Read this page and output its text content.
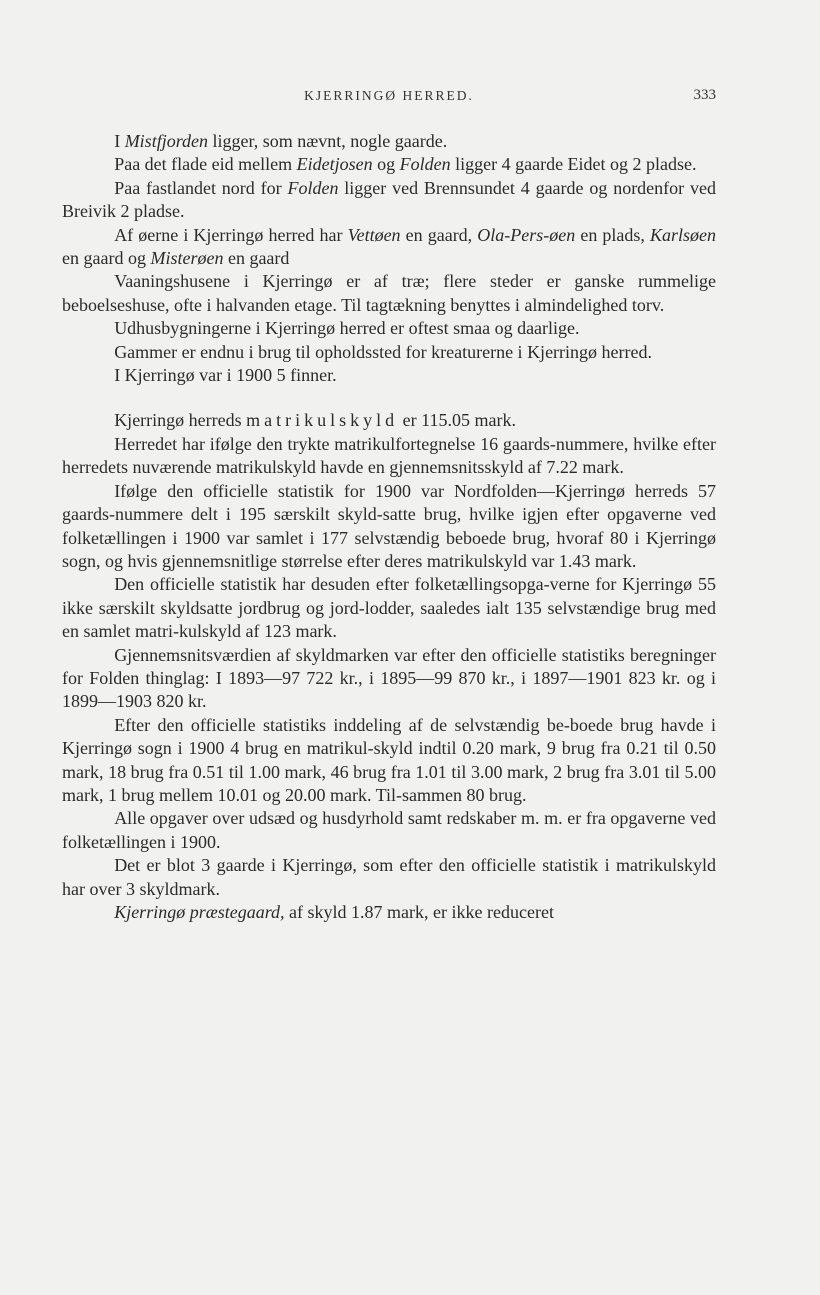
KJERRINGØ HERRED.	333

I Mistfjorden ligger, som nævnt, nogle gaarde.

Paa det flade eid mellem Eidetjosen og Folden ligger 4 gaarde Eidet og 2 pladse.

Paa fastlandet nord for Folden ligger ved Brennsundet 4 gaarde og nordenfor ved Breivik 2 pladse.

Af øerne i Kjerringø herred har Vettøen en gaard, Ola-Pers-øen en plads, Karlsøen en gaard og Misterøen en gaard

Vaaningshusene i Kjerringø er af træ; flere steder er ganske rummelige beboelseshuse, ofte i halvanden etage. Til tagtækning benyttes i almindelighed torv.

Udhusbygningerne i Kjerringø herred er oftest smaa og daarlige.

Gammer er endnu i brug til opholdssted for kreaturerne i Kjerringø herred.

I Kjerringø var i 1900 5 finner.

Kjerringø herreds matrikulskyld er 115.05 mark.

Herredet har ifølge den trykte matrikulfortegnelse 16 gaards-nummere, hvilke efter herredets nuværende matrikulskyld havde en gjennemsnitsskyld af 7.22 mark.

Ifølge den officielle statistik for 1900 var Nordfolden—Kjerringø herreds 57 gaards-nummere delt i 195 særskilt skyld-satte brug, hvilke igjen efter opgaverne ved folketællingen i 1900 var samlet i 177 selvstændig beboede brug, hvoraf 80 i Kjerringø sogn, og hvis gjennemsnitlige størrelse efter deres matrikulskyld var 1.43 mark.

Den officielle statistik har desuden efter folketællingsopga-verne for Kjerringø 55 ikke særskilt skyldsatte jordbrug og jord-lodder, saaledes ialt 135 selvstændige brug med en samlet matri-kulskyld af 123 mark.

Gjennemsnitsværdien af skyldmarken var efter den officielle statistiks beregninger for Folden thinglag: I 1893—97 722 kr., i 1895—99 870 kr., i 1897—1901 823 kr. og i 1899—1903 820 kr.

Efter den officielle statistiks inddeling af de selvstændig be-boede brug havde i Kjerringø sogn i 1900 4 brug en matrikul-skyld indtil 0.20 mark, 9 brug fra 0.21 til 0.50 mark, 18 brug fra 0.51 til 1.00 mark, 46 brug fra 1.01 til 3.00 mark, 2 brug fra 3.01 til 5.00 mark, 1 brug mellem 10.01 og 20.00 mark. Til-sammen 80 brug.

Alle opgaver over udsæd og husdyrhold samt redskaber m. m. er fra opgaverne ved folketællingen i 1900.

Det er blot 3 gaarde i Kjerringø, som efter den officielle statistik i matrikulskyld har over 3 skyldmark.

Kjerringø præstegaard, af skyld 1.87 mark, er ikke reduceret
